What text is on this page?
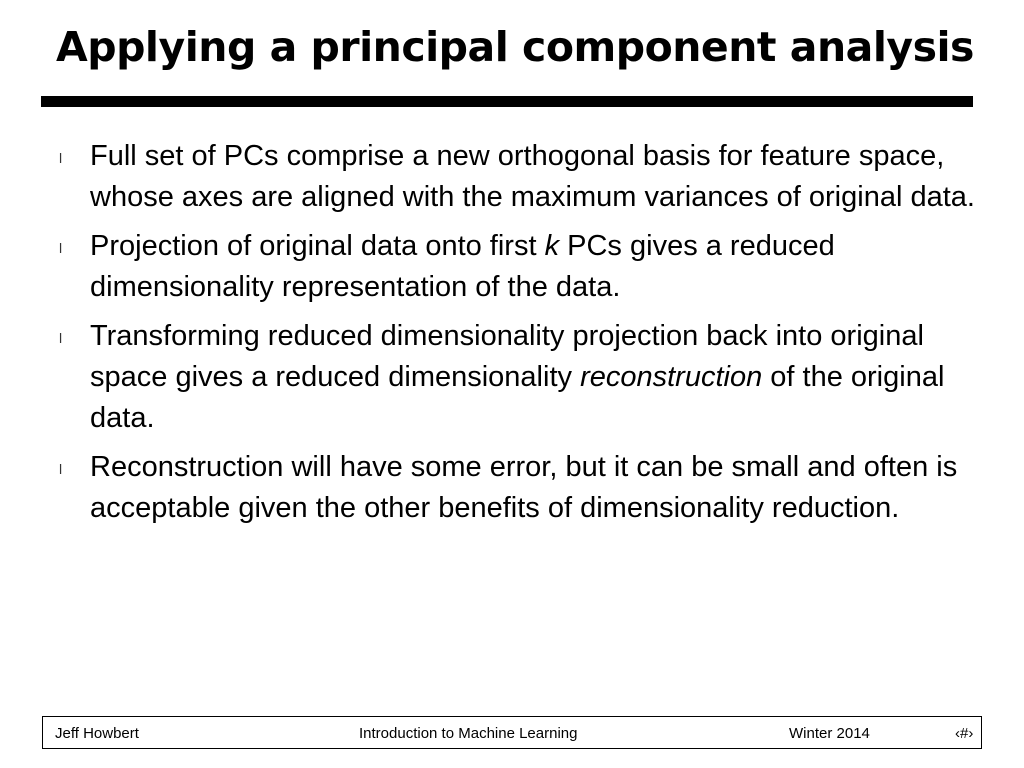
Applying a principal component analysis
l Full set of PCs comprise a new orthogonal basis for feature space, whose axes are aligned with the maximum variances of original data.
l Projection of original data onto first k PCs gives a reduced dimensionality representation of the data.
l Transforming reduced dimensionality projection back into original space gives a reduced dimensionality reconstruction of the original data.
l Reconstruction will have some error, but it can be small and often is acceptable given the other benefits of dimensionality reduction.
Jeff Howbert	Introduction to Machine Learning	Winter 2014	‹#›
